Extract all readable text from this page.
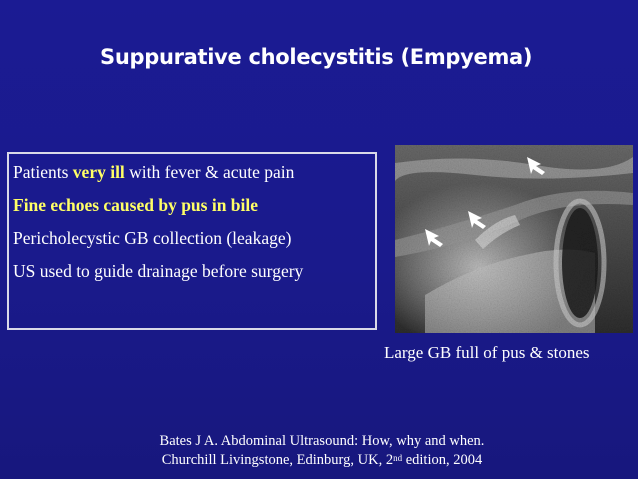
Suppurative cholecystitis (Empyema)
Patients very ill with fever & acute pain
Fine echoes caused by pus in bile
Pericholecystic GB collection (leakage)
US used to guide drainage before surgery
Large GB full of pus & stones
Bates J A. Abdominal Ultrasound: How, why and when.
Churchill Livingstone, Edinburg, UK, 2nd edition, 2004
